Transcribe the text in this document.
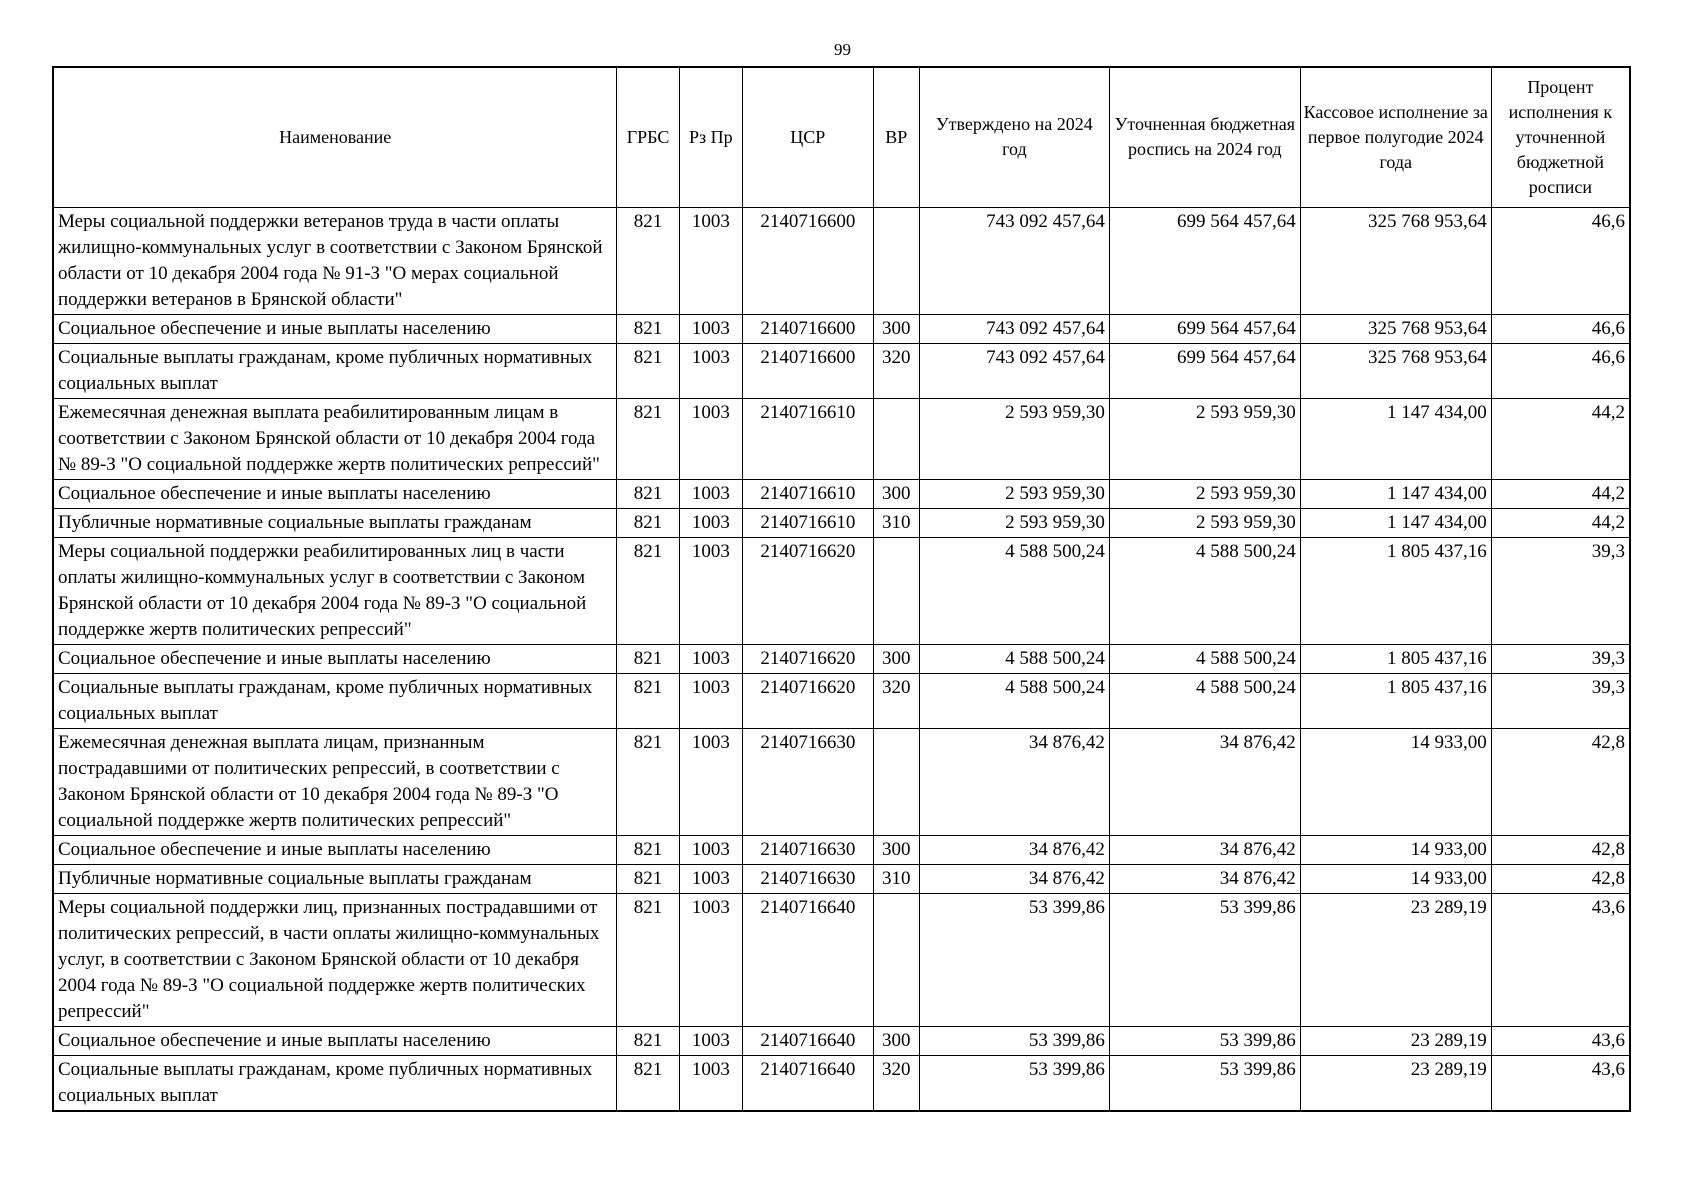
99
Наименование	ГРБС	Рз Пр	ЦСР	ВР	Утверждено на 2024 год	Уточненная бюджетная роспись на 2024 год	Кассовое исполнение за первое полугодие 2024 года	Процент исполнения к уточненной бюджетной росписи
Меры социальной поддержки ветеранов труда в части оплаты жилищно-коммунальных услуг в соответствии с Законом Брянской области от 10 декабря 2004 года № 91-З "О мерах социальной поддержки ветеранов в Брянской области"	821	1003	2140716600		743 092 457,64	699 564 457,64	325 768 953,64	46,6
Социальное обеспечение и иные выплаты населению	821	1003	2140716600	300	743 092 457,64	699 564 457,64	325 768 953,64	46,6
Социальные выплаты гражданам, кроме публичных нормативных социальных выплат	821	1003	2140716600	320	743 092 457,64	699 564 457,64	325 768 953,64	46,6
Ежемесячная денежная выплата реабилитированным лицам в соответствии с Законом Брянской области от 10 декабря 2004 года № 89-З "О социальной поддержке жертв политических репрессий"	821	1003	2140716610		2 593 959,30	2 593 959,30	1 147 434,00	44,2
Социальное обеспечение и иные выплаты населению	821	1003	2140716610	300	2 593 959,30	2 593 959,30	1 147 434,00	44,2
Публичные нормативные социальные выплаты гражданам	821	1003	2140716610	310	2 593 959,30	2 593 959,30	1 147 434,00	44,2
Меры социальной поддержки реабилитированных лиц в части оплаты жилищно-коммунальных услуг в соответствии с Законом Брянской области от 10 декабря 2004 года № 89-З "О социальной поддержке жертв политических репрессий"	821	1003	2140716620		4 588 500,24	4 588 500,24	1 805 437,16	39,3
Социальное обеспечение и иные выплаты населению	821	1003	2140716620	300	4 588 500,24	4 588 500,24	1 805 437,16	39,3
Социальные выплаты гражданам, кроме публичных нормативных социальных выплат	821	1003	2140716620	320	4 588 500,24	4 588 500,24	1 805 437,16	39,3
Ежемесячная денежная выплата лицам, признанным пострадавшими от политических репрессий, в соответствии с Законом Брянской области от 10 декабря 2004 года № 89-З "О социальной поддержке жертв политических репрессий"	821	1003	2140716630		34 876,42	34 876,42	14 933,00	42,8
Социальное обеспечение и иные выплаты населению	821	1003	2140716630	300	34 876,42	34 876,42	14 933,00	42,8
Публичные нормативные социальные выплаты гражданам	821	1003	2140716630	310	34 876,42	34 876,42	14 933,00	42,8
Меры социальной поддержки лиц, признанных пострадавшими от политических репрессий, в части оплаты жилищно-коммунальных услуг, в соответствии с Законом Брянской области от 10 декабря 2004 года № 89-З "О социальной поддержке жертв политических репрессий"	821	1003	2140716640		53 399,86	53 399,86	23 289,19	43,6
Социальное обеспечение и иные выплаты населению	821	1003	2140716640	300	53 399,86	53 399,86	23 289,19	43,6
Социальные выплаты гражданам, кроме публичных нормативных социальных выплат	821	1003	2140716640	320	53 399,86	53 399,86	23 289,19	43,6
